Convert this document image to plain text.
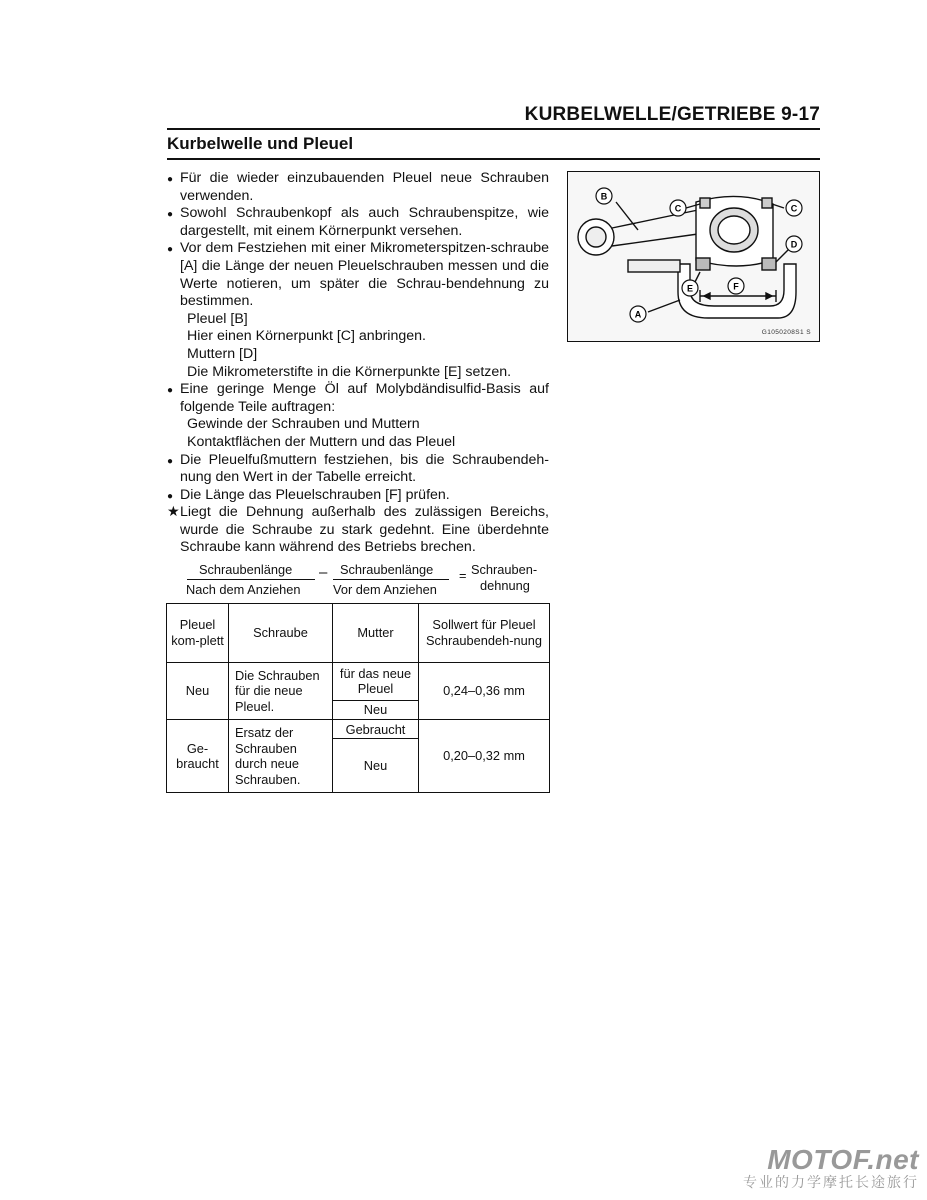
KURBELWELLE/GETRIEBE 9-17
Kurbelwelle und Pleuel
● Für die wieder einzubauenden Pleuel neue Schrauben verwenden.
● Sowohl Schraubenkopf als auch Schraubenspitze, wie dargestellt, mit einem Körnerpunkt versehen.
● Vor dem Festziehen mit einer Mikrometerspitzen-schraube [A] die Länge der neuen Pleuelschrauben messen und die Werte notieren, um später die Schrau-bendehnung zu bestimmen.
Pleuel [B]
Hier einen Körnerpunkt [C] anbringen.
Muttern [D]
Die Mikrometerstifte in die Körnerpunkte [E] setzen.
● Eine geringe Menge Öl auf Molybdändisulfid-Basis auf folgende Teile auftragen:
Gewinde der Schrauben und Muttern
Kontaktflächen der Muttern und das Pleuel
● Die Pleuelfußmuttern festziehen, bis die Schraubendeh-nung den Wert in der Tabelle erreicht.
● Die Länge das Pleuelschrauben [F] prüfen.
★ Liegt die Dehnung außerhalb des zulässigen Bereichs, wurde die Schraube zu stark gedehnt. Eine überdehnte Schraube kann während des Betriebs brechen.
Schraubenlänge
Nach dem Anziehen
– Schraubenlänge
Vor dem Anziehen
= Schrauben-
dehnung
Pleuel kom-plett	Schraube	Mutter	Sollwert für Pleuel Schraubendeh-nung
Neu	Die Schrauben für die neue Pleuel.	für das neue Pleuel	0,24–0,36 mm
		Neu	
Ge-braucht	Ersatz der Schrauben durch neue Schrauben.	Gebraucht	0,20–0,32 mm
		Neu	
B
C	C
D
E	F
A
G1050208S1 S
MOTOF.net
专业的力学摩托长途旅行
